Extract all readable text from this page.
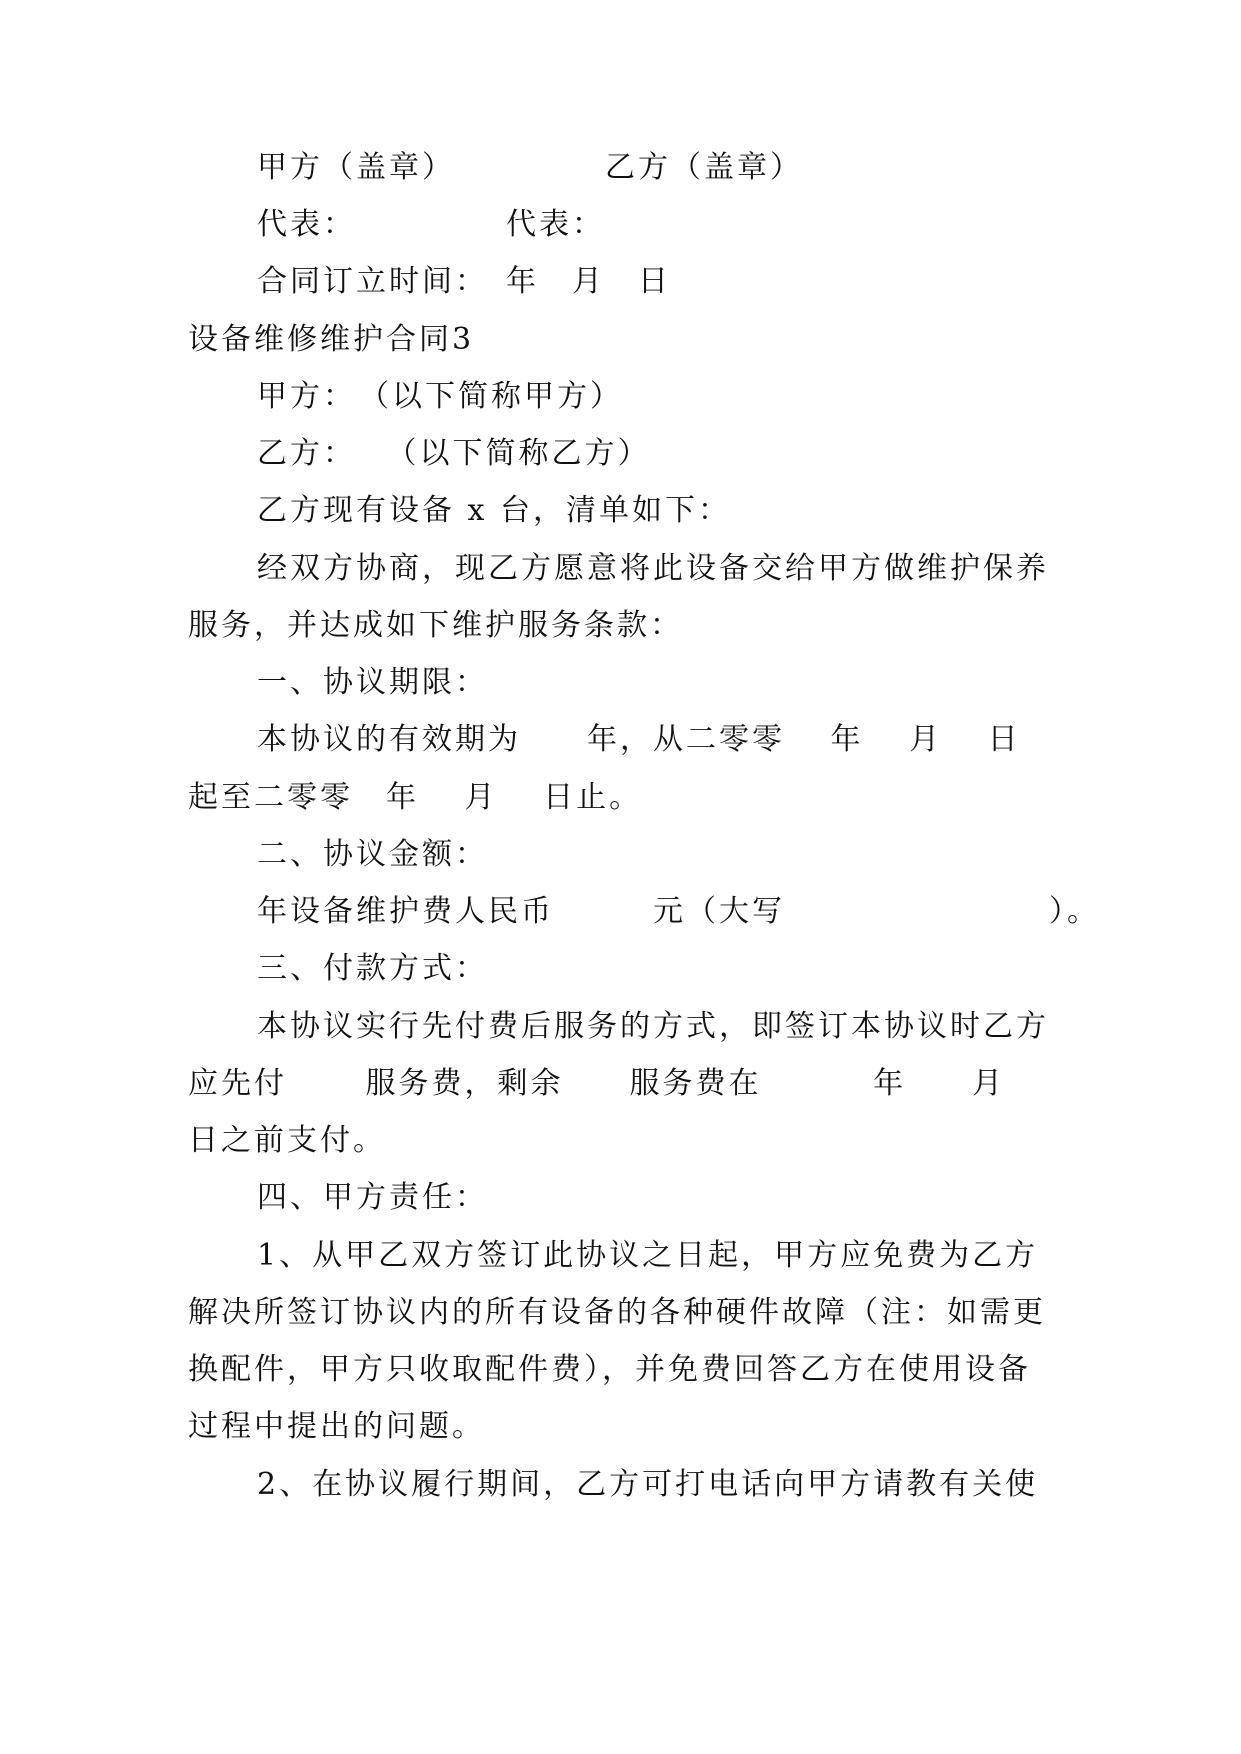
甲方（盖章）　　　　　乙方（盖章）
代表：　　　　　代表：
合同订立时间：　年　月　日
设备维修维护合同3
甲方：　（以下简称甲方）
乙方：　 （以下简称乙方）
乙方现有设备 x 台，清单如下：
经双方协商，现乙方愿意将此设备交给甲方做维护保养
服务，并达成如下维护服务条款：
一、协议期限：
本协议的有效期为　　年，从二零零　 年　 月　 日
起至二零零　年　 月　 日止。
二、协议金额：
年设备维护费人民币　　　元（大写　　　　　　　　）。
三、付款方式：
本协议实行先付费后服务的方式，即签订本协议时乙方
应先付　　 服务费，剩余　　服务费在　　　 年　　月
日之前支付。
四、甲方责任：
1、从甲乙双方签订此协议之日起，甲方应免费为乙方
解决所签订协议内的所有设备的各种硬件故障（注：如需更
换配件，甲方只收取配件费），并免费回答乙方在使用设备
过程中提出的问题。
2、在协议履行期间，乙方可打电话向甲方请教有关使
